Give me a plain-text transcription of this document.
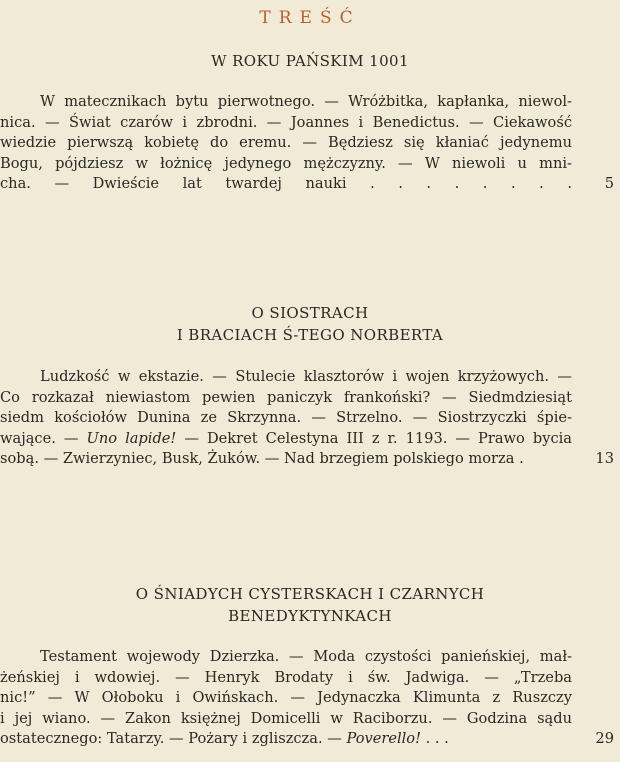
TREŚĆ
W ROKU PAŃSKIM 1001
W matecznikach bytu pierwotnego. — Wróżbitka, kapłanka, niewol-
nica. — Świat czarów i zbrodni. — Joannes i Benedictus. — Ciekawość
wiedzie pierwszą kobietę do eremu. — Będziesz się kłaniać jedynemu
Bogu, pójdziesz w łożnicę jedynego mężczyzny. — W niewoli u mni-
cha. — Dwieście lat twardej nauki . . . . . . . . 5
O SIOSTRACH
I BRACIACH Ś-TEGO NORBERTA
Ludzkość w ekstazie. — Stulecie klasztorów i wojen krzyżowych. —
Co rozkazał niewiastom pewien paniczyk frankoński? — Siedmdziesiąt
siedm kościołów Dunina ze Skrzynna. — Strzelno. — Siostrzyczki śpie-
wające. — Uno lapide! — Dekret Celestyna III z r. 1193. — Prawo bycia
sobą. — Zwierzyniec, Busk, Żuków. — Nad brzegiem polskiego morza .	13
O ŚNIADYCH CYSTERSKACH I CZARNYCH
BENEDYKTYNKACH
Testament wojewody Dzierzka. — Moda czystości panieńskiej, mał-
żeńskiej i wdowiej. — Henryk Brodaty i św. Jadwiga. — „Trzeba
nic!” — W Ołoboku i Owińskach. — Jedynaczka Klimunta z Ruszczy
i jej wiano. — Zakon księżnej Domicelli w Raciborzu. — Godzina sądu
ostatecznego: Tatarzy. — Pożary i zgliszcza. — Poverello! . . .	29
